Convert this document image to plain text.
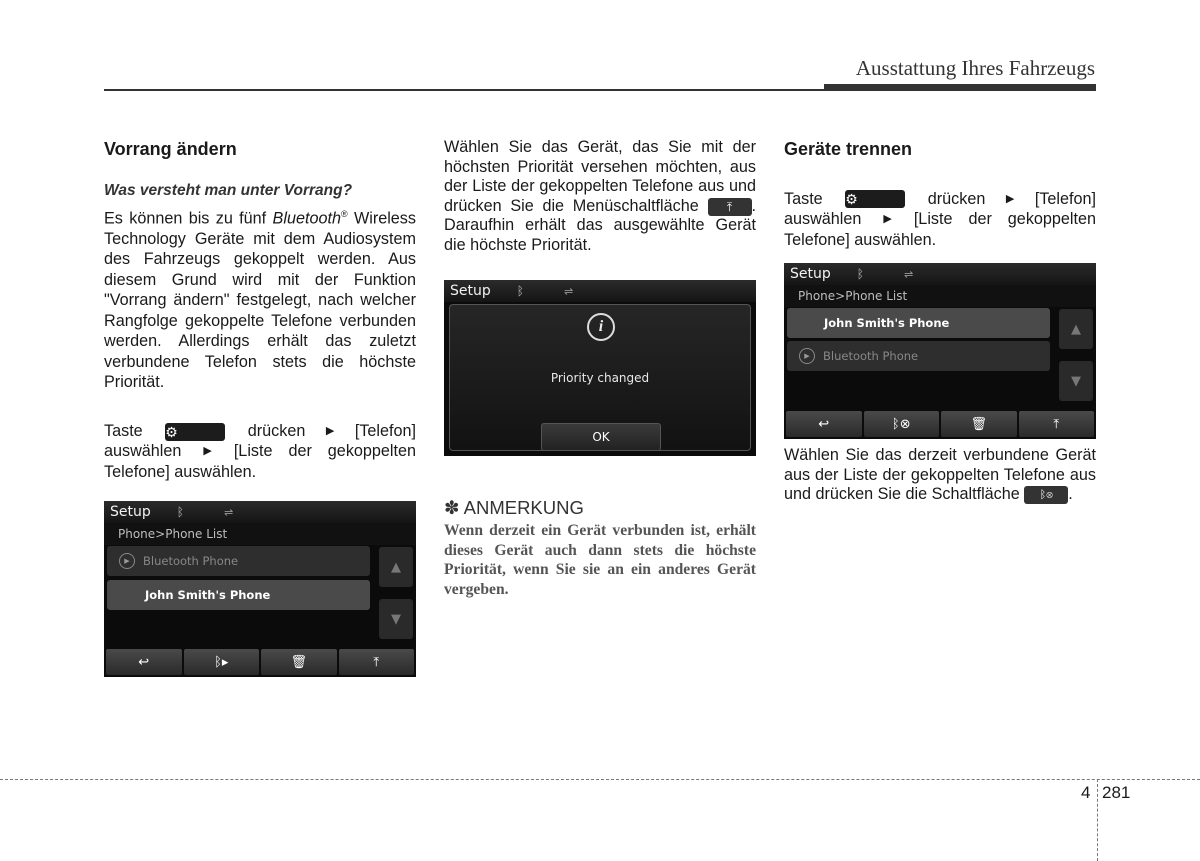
Ausstattung Ihres Fahrzeugs

Vorrang ändern

Was versteht man unter Vorrang?

Es können bis zu fünf Bluetooth® Wireless Technology Geräte mit dem Audiosystem des Fahrzeugs gekoppelt werden. Aus diesem Grund wird mit der Funktion "Vorrang ändern" festgelegt, nach welcher Rangfolge gekoppelte Telefone verbunden werden. Allerdings erhält das zuletzt verbundene Telefon stets die höchste Priorität.

Taste ⚙	drücken ▶ [Telefon]

auswählen ▶ [Liste der gekoppelten Telefone] auswählen.

Setup ᛒ	⇌
Phone>Phone List
▶	Bluetooth Phone
John Smith's Phone
▲
▼
↩	ᛒ▸	🗑	⤒

Wählen Sie das Gerät, das Sie mit der höchsten Priorität versehen möchten, aus der Liste der gekoppelten Telefone aus und drücken Sie die Menüschaltfläche ⤒ . Daraufhin erhält das ausgewählte Gerät die höchste Priorität.

Setup ᛒ	⇌
i
Priority changed
OK
✽ ANMERKUNG
Wenn derzeit ein Gerät verbunden ist, erhält dieses Gerät auch dann stets die höchste Priorität, wenn Sie sie an ein anderes Gerät vergeben.

Geräte trennen

Taste ⚙	drücken ▶ [Telefon]

auswählen ▶ [Liste der gekoppelten Telefone] auswählen.

Setup ᛒ	⇌
Phone>Phone List
John Smith's Phone
▶	Bluetooth Phone
▲
▼
↩	ᛒ⊗	🗑	⤒

Wählen Sie das derzeit verbundene Gerät aus der Liste der gekoppelten Telefone aus und drücken Sie die Schaltfläche ᛒ⊗ .

4 281
